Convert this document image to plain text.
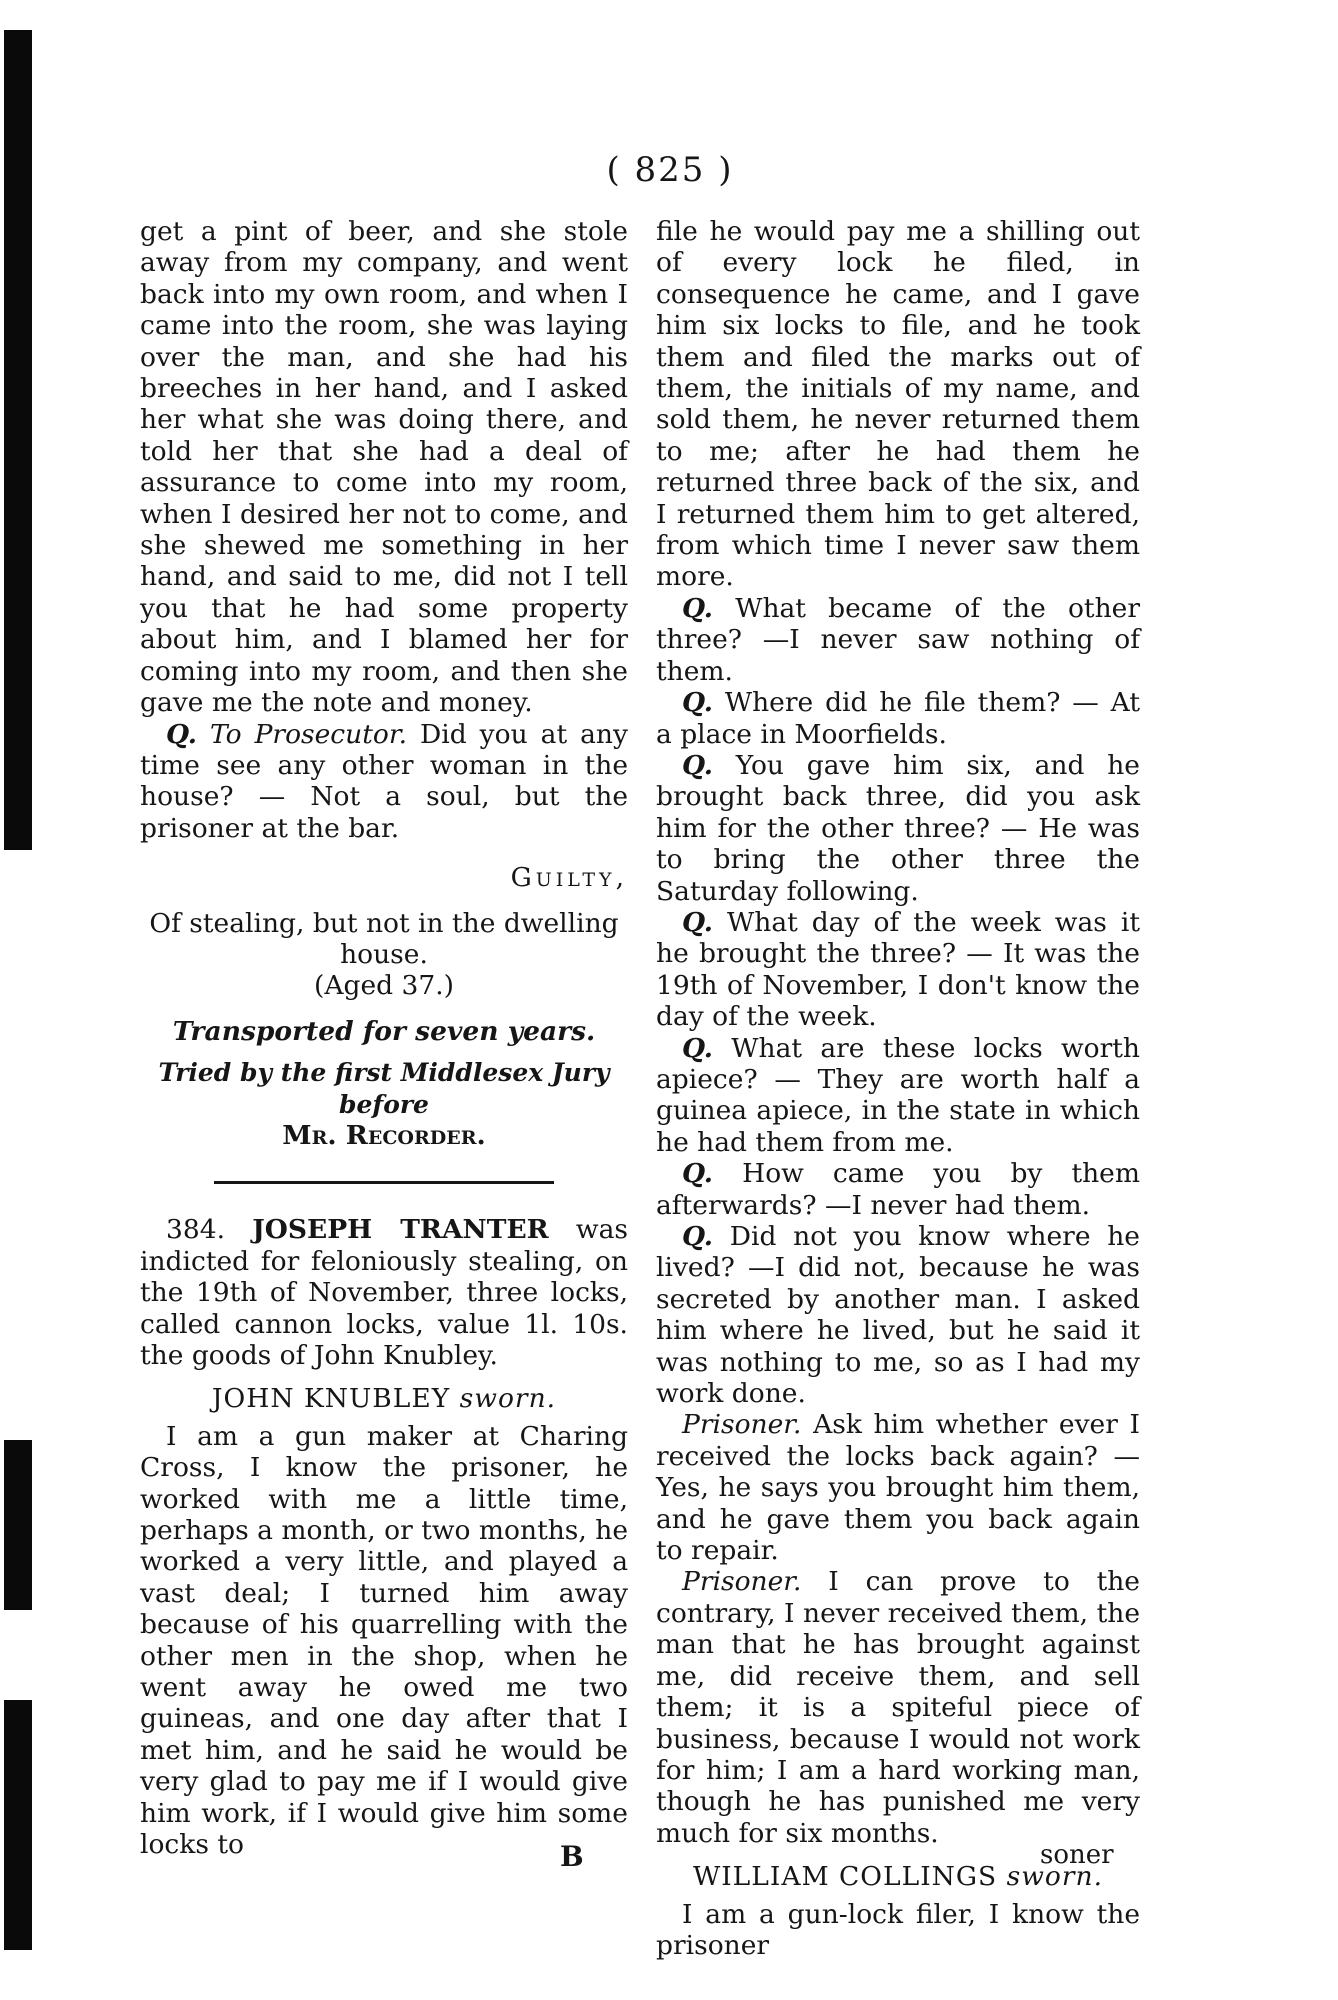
( 825 )

get a pint of beer, and she stole away from my company, and went back into my own room, and when I came into the room, she was laying over the man, and she had his breeches in her hand, and I asked her what she was doing there, and told her that she had a deal of assurance to come into my room, when I desired her not to come, and she shewed me something in her hand, and said to me, did not I tell you that he had some property about him, and I blamed her for coming into my room, and then she gave me the note and money.

Q. To Prosecutor. Did you at any time see any other woman in the house? — Not a soul, but the prisoner at the bar.

Guilty,

Of stealing, but not in the dwelling house.

(Aged 37.)

Transported for seven years.

Tried by the first Middlesex Jury before

Mr. Recorder.

384. JOSEPH TRANTER was indicted for feloniously stealing, on the 19th of November, three locks, called cannon locks, value 1l. 10s. the goods of John Knubley.

JOHN KNUBLEY sworn.

I am a gun maker at Charing Cross, I know the prisoner, he worked with me a little time, perhaps a month, or two months, he worked a very little, and played a vast deal; I turned him away because of his quarrelling with the other men in the shop, when he went away he owed me two guineas, and one day after that I met him, and he said he would be very glad to pay me if I would give him work, if I would give him some locks to

file he would pay me a shilling out of every lock he filed, in consequence he came, and I gave him six locks to file, and he took them and filed the marks out of them, the initials of my name, and sold them, he never returned them to me; after he had them he returned three back of the six, and I returned them him to get altered, from which time I never saw them more.

Q. What became of the other three? —I never saw nothing of them.

Q. Where did he file them? — At a place in Moorfields.

Q. You gave him six, and he brought back three, did you ask him for the other three? — He was to bring the other three the Saturday following.

Q. What day of the week was it he brought the three? — It was the 19th of November, I don't know the day of the week.

Q. What are these locks worth apiece? — They are worth half a guinea apiece, in the state in which he had them from me.

Q. How came you by them afterwards? —I never had them.

Q. Did not you know where he lived? —I did not, because he was secreted by another man. I asked him where he lived, but he said it was nothing to me, so as I had my work done.

Prisoner. Ask him whether ever I received the locks back again? — Yes, he says you brought him them, and he gave them you back again to repair.

Prisoner. I can prove to the contrary, I never received them, the man that he has brought against me, did receive them, and sell them; it is a spiteful piece of business, because I would not work for him; I am a hard working man, though he has punished me very much for six months.

WILLIAM COLLINGS sworn.

I am a gun-lock filer, I know the prisoner

B	soner
